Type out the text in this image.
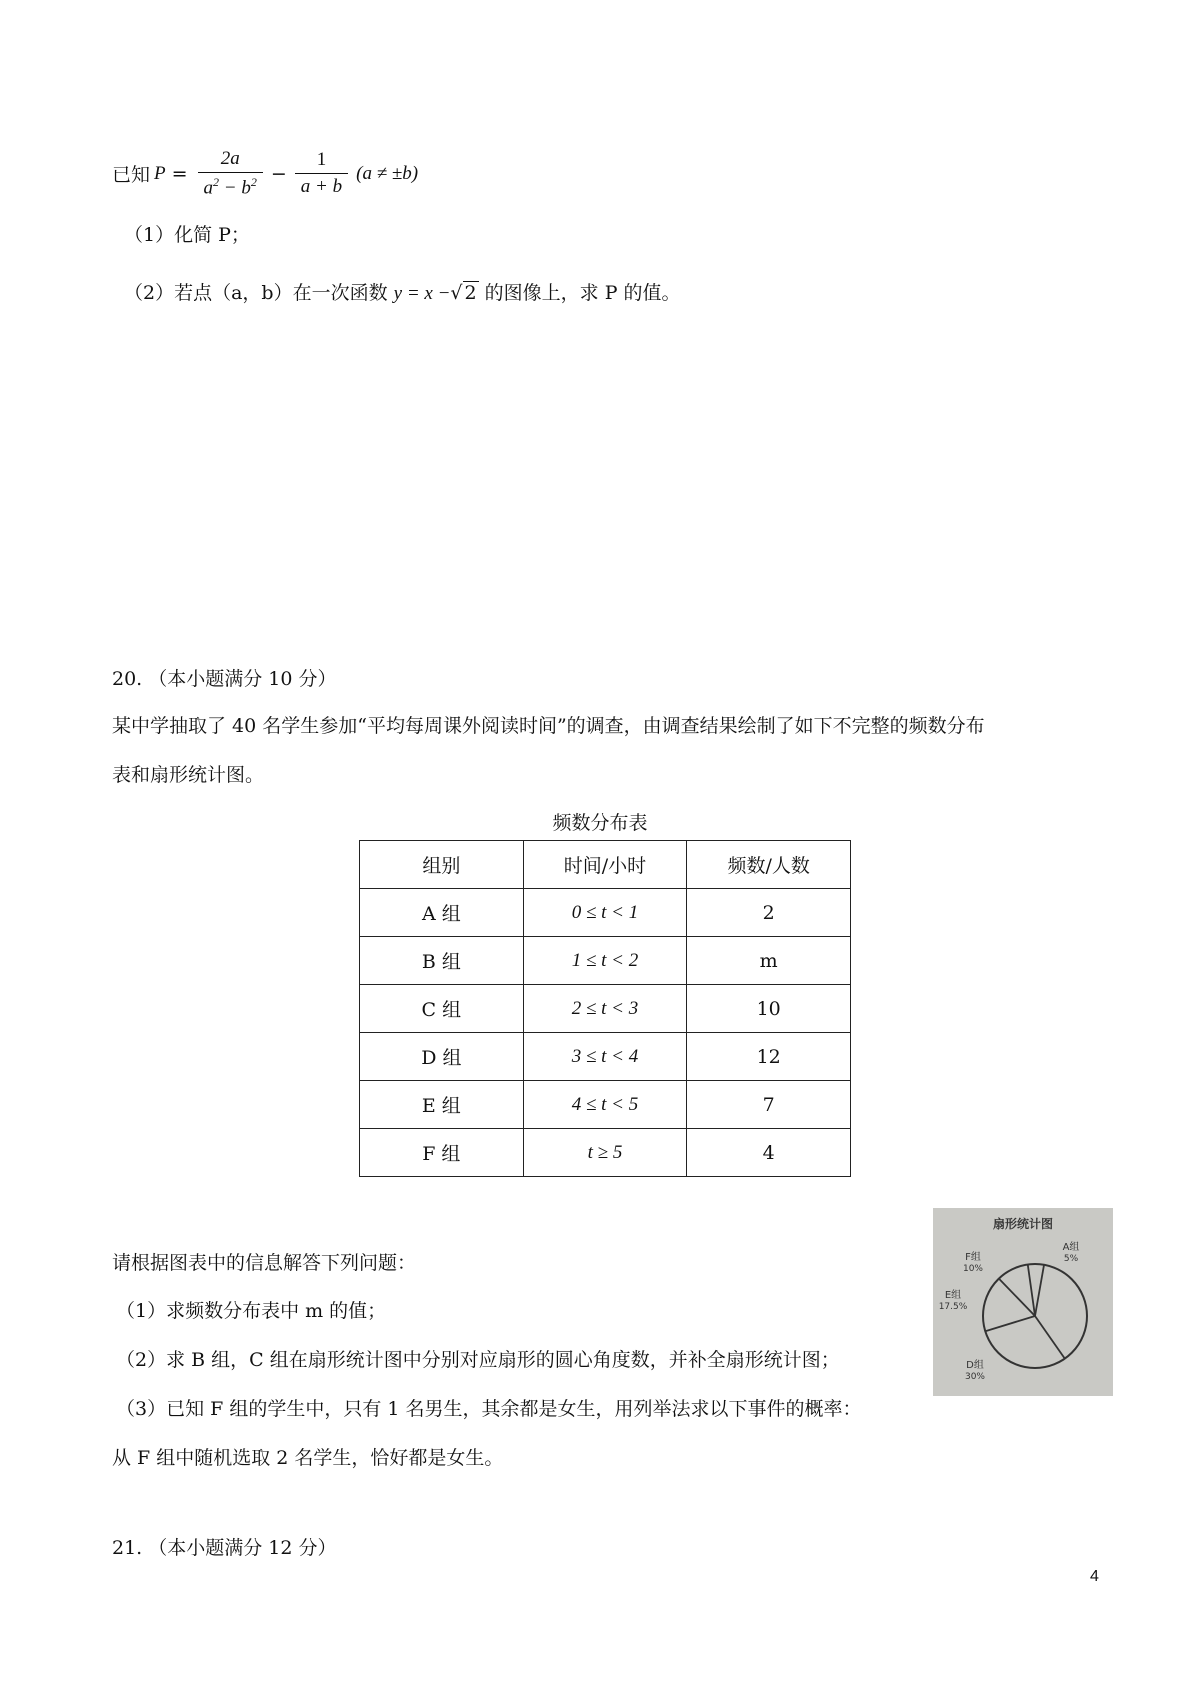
已知 $P = \frac{2a}{a^2 - b^2} - \frac{1}{a + b} (a \ne \pm b)$
（1）化简 P；
（2）若点（a，b）在一次函数 y = x −√ 2 的图像上，求 P 的值。
20. （本小题满分 10 分）
某中学抽取了 40 名学生参加“平均每周课外阅读时间”的调查，由调查结果绘制了如下不完整的频数分布
表和扇形统计图。
频数分布表
组别	时间/小时	频数/人数
A 组	0 ≤ t < 1	2
B 组	1 ≤ t < 2	m
C 组	2 ≤ t < 3	10
D 组	3 ≤ t < 4	12
E 组	4 ≤ t < 5	7
F 组	t ≥ 5	4
扇形统计图
A组
5%
F组
10%
E组
17.5%
D组
30%
请根据图表中的信息解答下列问题：
（1）求频数分布表中 m 的值；
（2）求 B 组，C 组在扇形统计图中分别对应扇形的圆心角度数，并补全扇形统计图；
（3）已知 F 组的学生中，只有 1 名男生，其余都是女生，用列举法求以下事件的概率：
从 F 组中随机选取 2 名学生，恰好都是女生。
21. （本小题满分 12 分）
4
